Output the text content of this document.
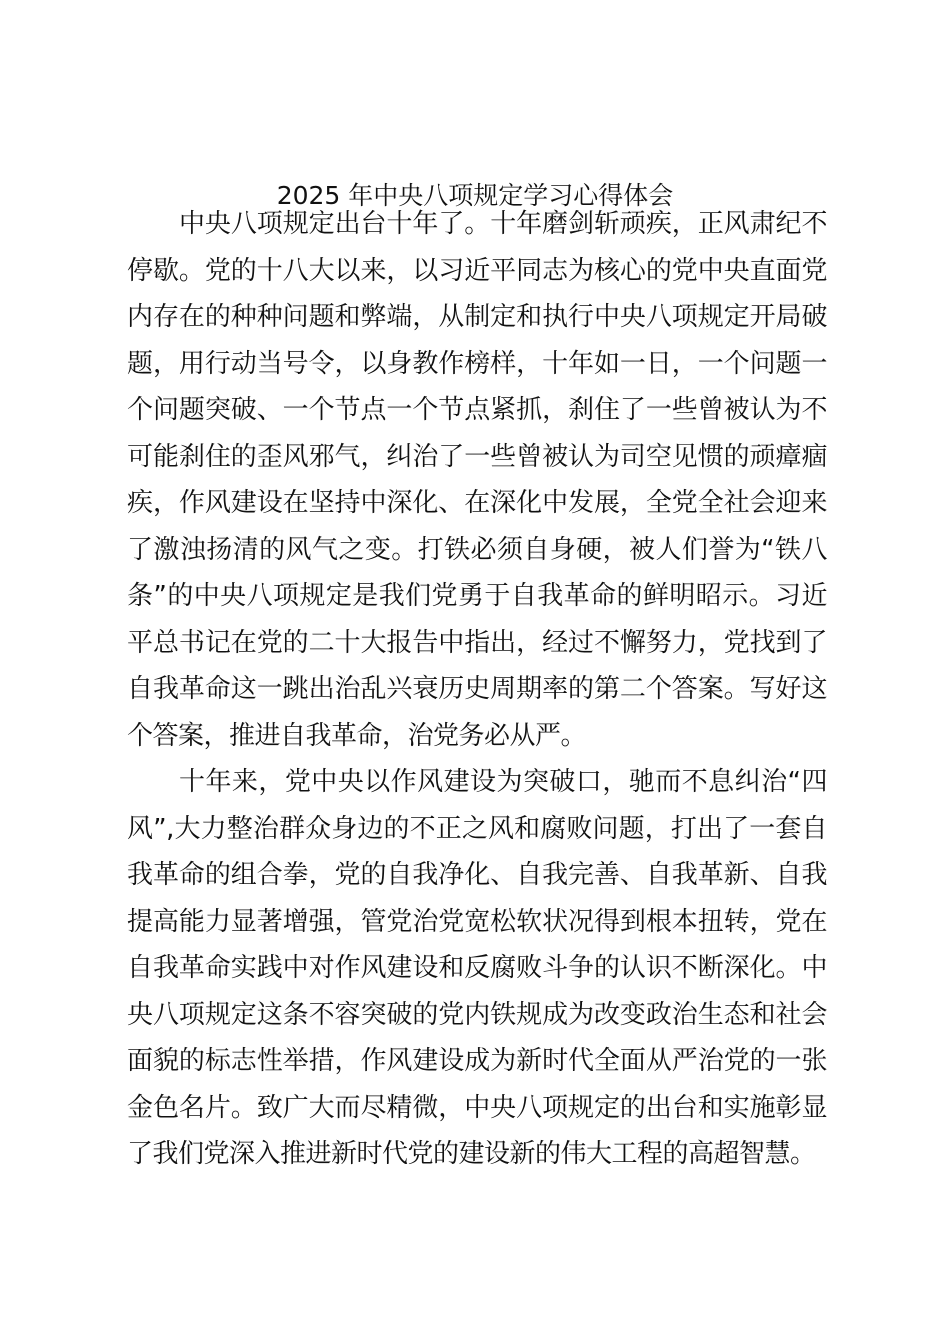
2025 年中央八项规定学习心得体会

中央八项规定出台十年了。十年磨剑斩顽疾，正风肃纪不停歇。党的十八大以来，以习近平同志为核心的党中央直面党内存在的种种问题和弊端，从制定和执行中央八项规定开局破题，用行动当号令，以身教作榜样，十年如一日，一个问题一个问题突破、一个节点一个节点紧抓，刹住了一些曾被认为不可能刹住的歪风邪气，纠治了一些曾被认为司空见惯的顽瘴痼疾，作风建设在坚持中深化、在深化中发展，全党全社会迎来了激浊扬清的风气之变。打铁必须自身硬，被人们誉为“铁八条”的中央八项规定是我们党勇于自我革命的鲜明昭示。习近平总书记在党的二十大报告中指出，经过不懈努力，党找到了自我革命这一跳出治乱兴衰历史周期率的第二个答案。写好这个答案，推进自我革命，治党务必从严。

十年来，党中央以作风建设为突破口，驰而不息纠治“四风”,大力整治群众身边的不正之风和腐败问题，打出了一套自我革命的组合拳，党的自我净化、自我完善、自我革新、自我提高能力显著增强，管党治党宽松软状况得到根本扭转，党在自我革命实践中对作风建设和反腐败斗争的认识不断深化。中央八项规定这条不容突破的党内铁规成为改变政治生态和社会面貌的标志性举措，作风建设成为新时代全面从严治党的一张金色名片。致广大而尽精微，中央八项规定的出台和实施彰显了我们党深入推进新时代党的建设新的伟大工程的高超智慧。
